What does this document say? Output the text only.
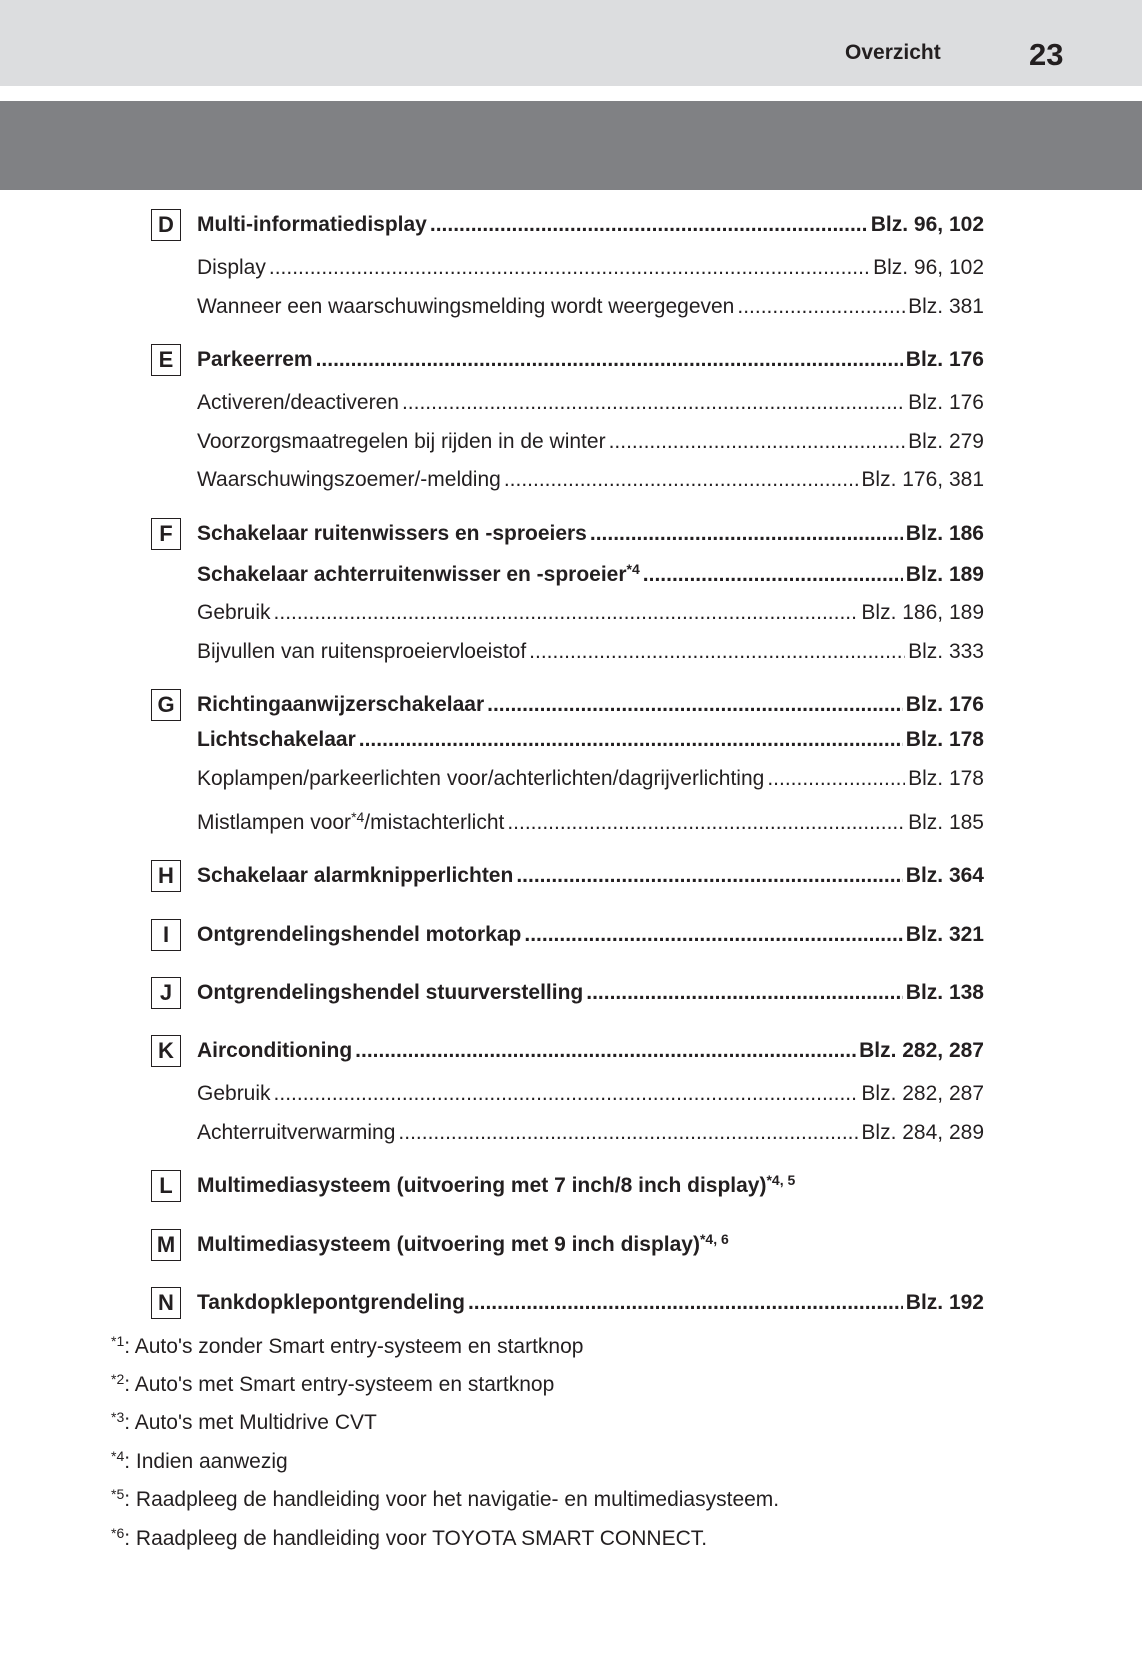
Overzicht	23
D	Multi-informatiedisplay .....	Blz. 96, 102
Display .....	Blz. 96, 102
Wanneer een waarschuwingsmelding wordt weergegeven .....	Blz. 381
E	Parkeerrem .....	Blz. 176
Activeren/deactiveren .....	Blz. 176
Voorzorgsmaatregelen bij rijden in de winter .....	Blz. 279
Waarschuwingszoemer/-melding .....	Blz. 176, 381
F	Schakelaar ruitenwissers en -sproeiers .....	Blz. 186
Schakelaar achterruitenwisser en -sproeier$^{*4}$ .....	Blz. 189
Gebruik .....	Blz. 186, 189
Bijvullen van ruitensproeiervloeistof .....	Blz. 333
G	Richtingaanwijzerschakelaar .....	Blz. 176
Lichtschakelaar .....	Blz. 178
Koplampen/parkeerlichten voor/achterlichten/dagrijverlichting .....	Blz. 178
Mistlampen voor$^{*4}$/mistachterlicht .....	Blz. 185
H	Schakelaar alarmknipperlichten .....	Blz. 364
I	Ontgrendelingshendel motorkap .....	Blz. 321
J	Ontgrendelingshendel stuurverstelling .....	Blz. 138
K	Airconditioning .....	Blz. 282, 287
Gebruik .....	Blz. 282, 287
Achterruitverwarming .....	Blz. 284, 289
L	Multimediasysteem (uitvoering met 7 inch/8 inch display)$^{*4, 5}$
M Multimediasysteem (uitvoering met 9 inch display)$^{*4, 6}$
N	Tankdopklepontgrendeling .....	Blz. 192
$^{*1}$: Auto's zonder Smart entry-systeem en startknop
$^{*2}$: Auto's met Smart entry-systeem en startknop
$^{*3}$: Auto's met Multidrive CVT
$^{*4}$: Indien aanwezig
$^{*5}$: Raadpleeg de handleiding voor het navigatie- en multimediasysteem.
$^{*6}$: Raadpleeg de handleiding voor TOYOTA SMART CONNECT.
